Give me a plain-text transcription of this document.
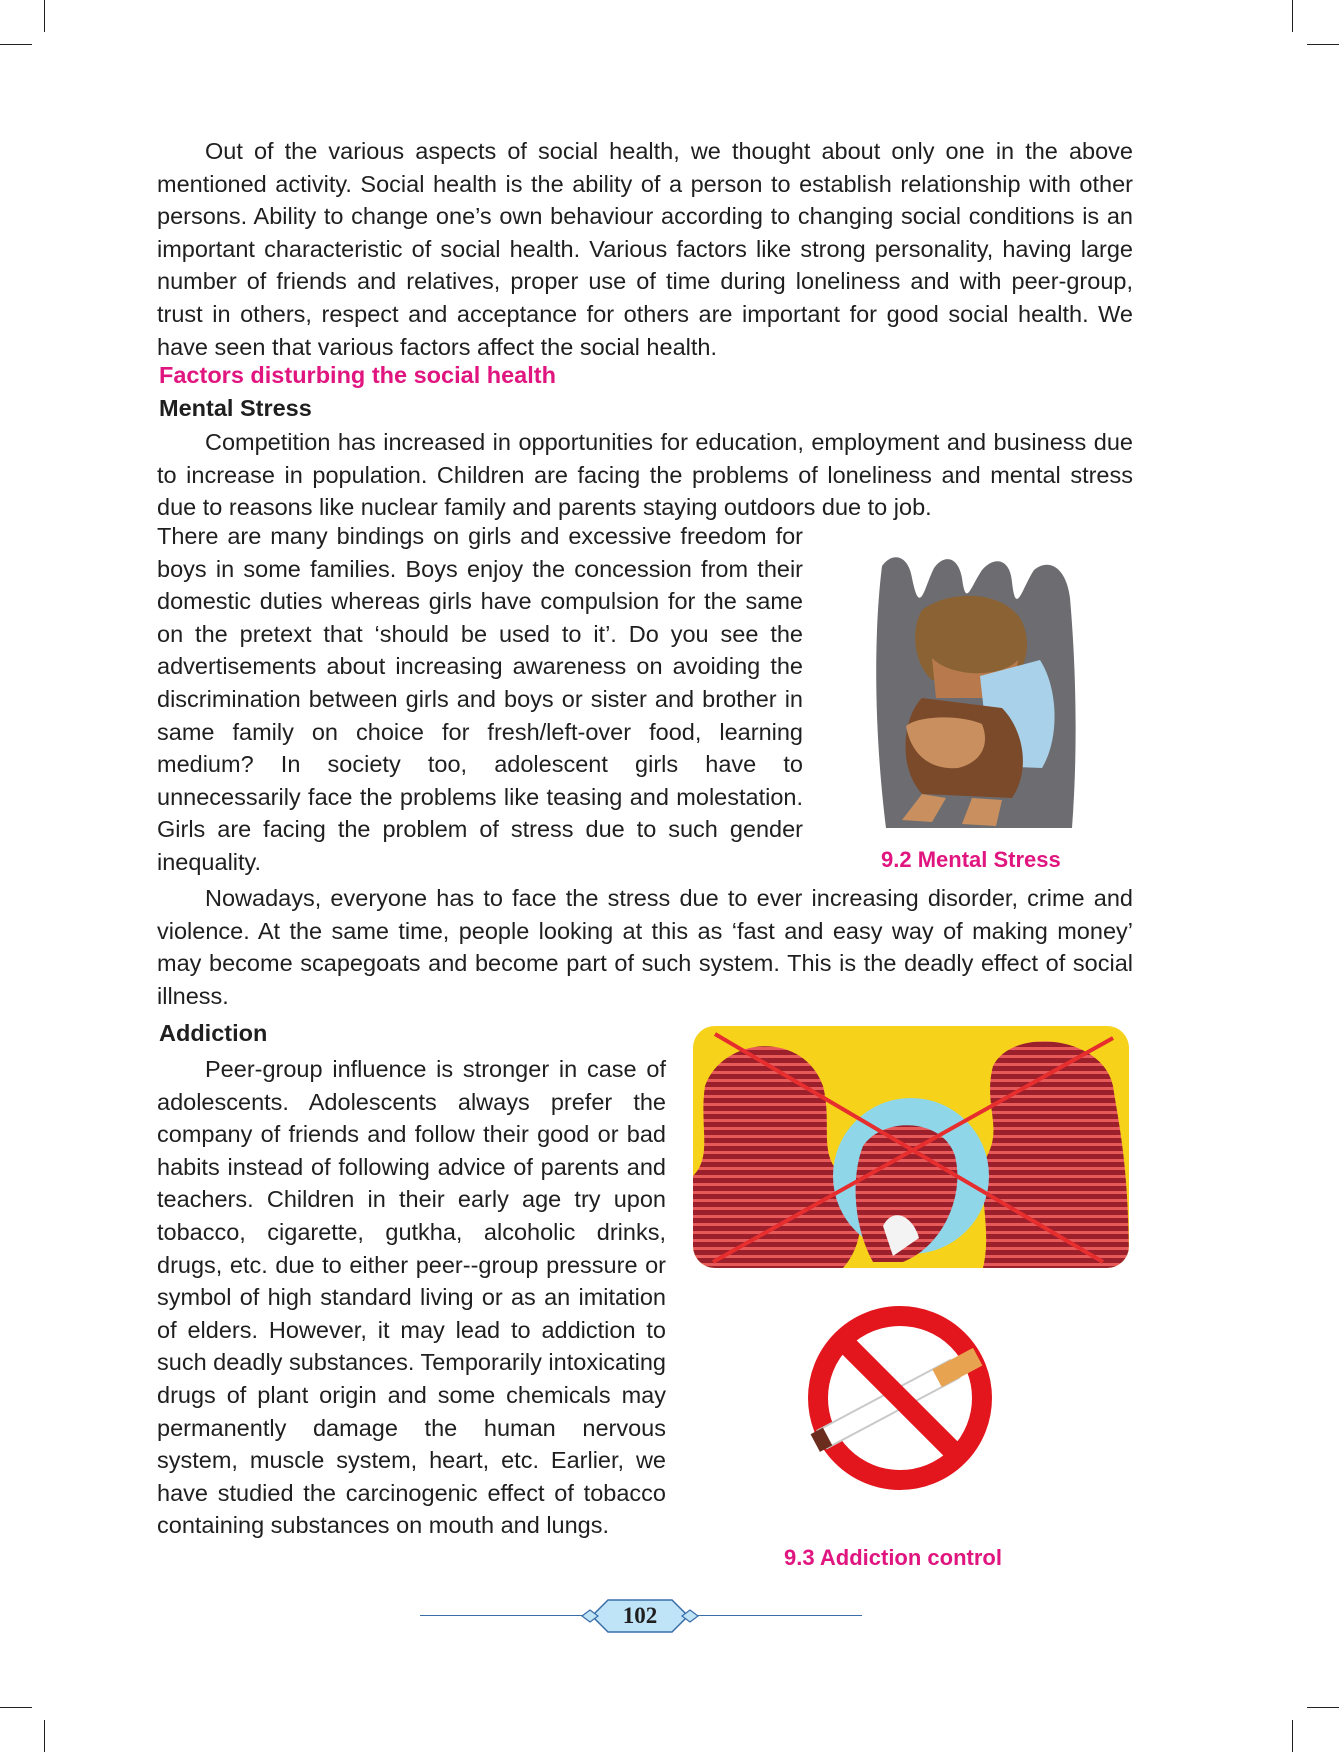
Out of the various aspects of social health, we thought about only one in the above mentioned activity. Social health is the ability of a person to establish relationship with other persons. Ability to change one’s own behaviour according to changing social conditions is an important characteristic of social health. Various factors like strong personality, having large number of friends and relatives, proper use of time during loneliness and with peer-group, trust in others, respect and acceptance for others are important for good social health. We have seen that various factors affect the social health.

Factors disturbing the social health
Mental Stress

Competition has increased in opportunities for education, employment and business due to increase in population. Children are facing the problems of loneliness and mental stress due to reasons like nuclear family and parents staying outdoors due to job.

There are many bindings on girls and excessive freedom for boys in some families. Boys enjoy the concession from their domestic duties whereas girls have compulsion for the same on the pretext that ‘should be used to it’. Do you see the advertisements about increasing awareness on avoiding the discrimination between girls and boys or sister and brother in same family on choice for fresh/left-over food, learning medium? In society too, adolescent girls have to unnecessarily face the problems like teasing and molestation. Girls are facing the problem of stress due to such gender inequality.	9.2 Mental Stress

Nowadays, everyone has to face the stress due to ever increasing disorder, crime and violence. At the same time, people looking at this as ‘fast and easy way of making money’ may become scapegoats and become part of such system. This is the deadly effect of social illness.

Addiction

Peer-group influence is stronger in case of adolescents. Adolescents always prefer the company of friends and follow their good or bad habits instead of following advice of parents and teachers. Children in their early age try upon tobacco, cigarette, gutkha, alcoholic drinks, drugs, etc. due to either peer--group pressure or symbol of high standard living or as an imitation of elders. However, it may lead to addiction to such deadly substances. Temporarily intoxicating drugs of plant origin and some chemicals may permanently damage the human nervous system, muscle system, heart, etc. Earlier, we have studied the carcinogenic effect of tobacco containing substances on mouth and lungs.

9.3 Addiction control
102
